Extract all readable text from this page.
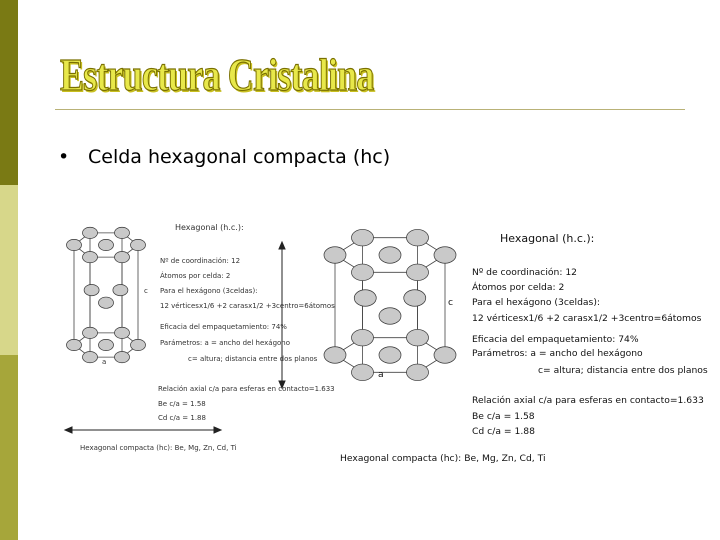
Estructura Cristalina
• Celda hexagonal compacta (hc)
Hexagonal (h.c.):
Nº de coordinación: 12
Átomos por celda: 2
Para el hexágono (3celdas):
12 vérticesx1/6 +2 carasx1/2 +3centro=6átomos
Eficacia del empaquetamiento: 74%
Parámetros: a = ancho del hexágono
c= altura; distancia entre dos planos
Relación axial c/a para esferas en contacto=1.633
Be c/a = 1.58
Cd c/a = 1.88
c
a
Hexagonal compacta (hc): Be, Mg, Zn, Cd, Ti
Hexagonal (h.c.):
Nº de coordinación: 12
Átomos por celda: 2
Para el hexágono (3celdas):
12 vérticesx1/6 +2 carasx1/2 +3centro=6átomos
Eficacia del empaquetamiento: 74%
Parámetros: a = ancho del hexágono
c= altura; distancia entre dos planos
Relación axial c/a para esferas en contacto=1.633
Be c/a = 1.58
Cd c/a = 1.88
c
a
Hexagonal compacta (hc): Be, Mg, Zn, Cd, Ti
